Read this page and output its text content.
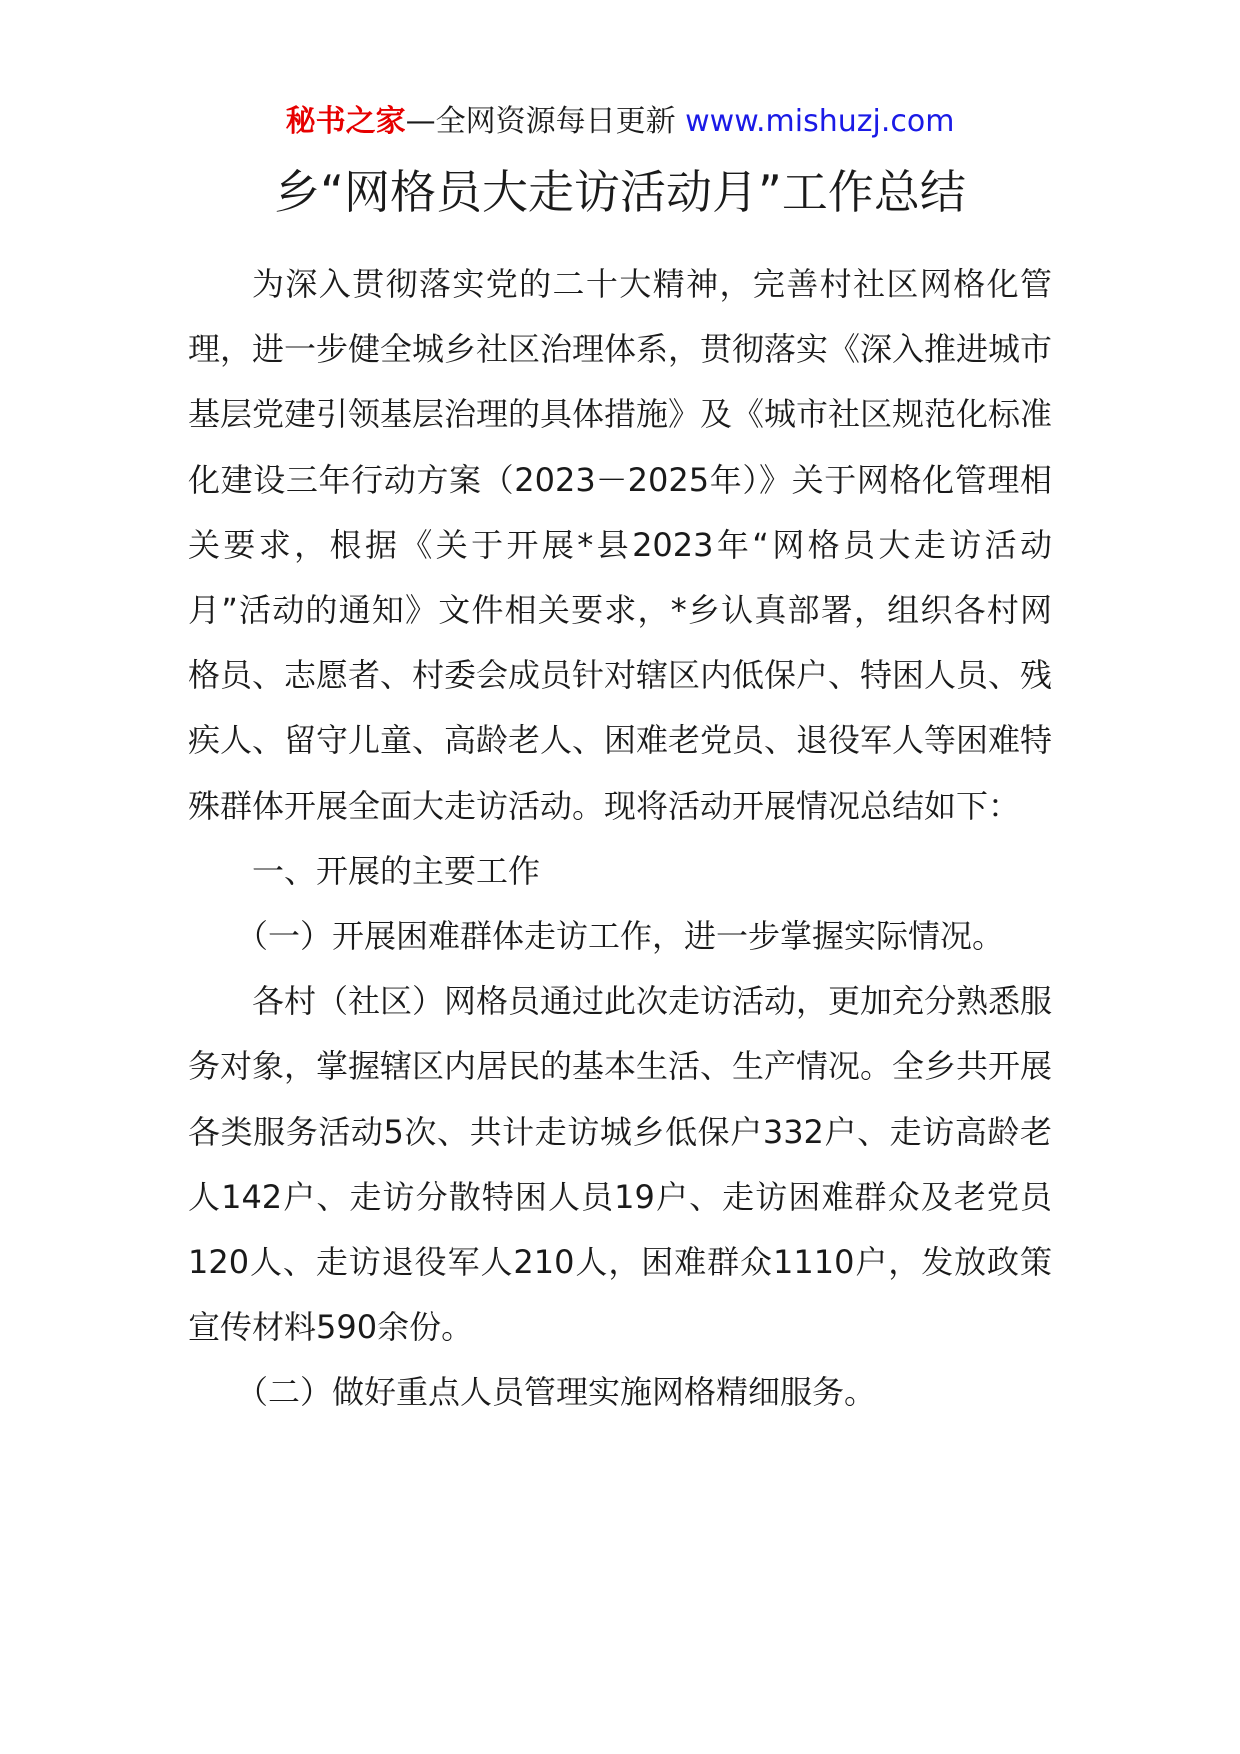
秘书之家—全网资源每日更新 www.mishuzj.com
乡“网格员大走访活动月”工作总结

为深入贯彻落实党的二十大精神，完善村社区网格化管理，进一步健全城乡社区治理体系，贯彻落实《深入推进城市基层党建引领基层治理的具体措施》及《城市社区规范化标准化建设三年行动方案（2023－2025年）》关于网格化管理相关要求，根据《关于开展*县2023年“网格员大走访活动月”活动的通知》文件相关要求，*乡认真部署，组织各村网格员、志愿者、村委会成员针对辖区内低保户、特困人员、残疾人、留守儿童、高龄老人、困难老党员、退役军人等困难特殊群体开展全面大走访活动。现将活动开展情况总结如下：

一、开展的主要工作

（一）开展困难群体走访工作，进一步掌握实际情况。

各村（社区）网格员通过此次走访活动，更加充分熟悉服务对象，掌握辖区内居民的基本生活、生产情况。全乡共开展各类服务活动5次、共计走访城乡低保户332户、走访高龄老人142户、走访分散特困人员19户、走访困难群众及老党员120人、走访退役军人210人，困难群众1110户，发放政策宣传材料590余份。

（二）做好重点人员管理实施网格精细服务。
